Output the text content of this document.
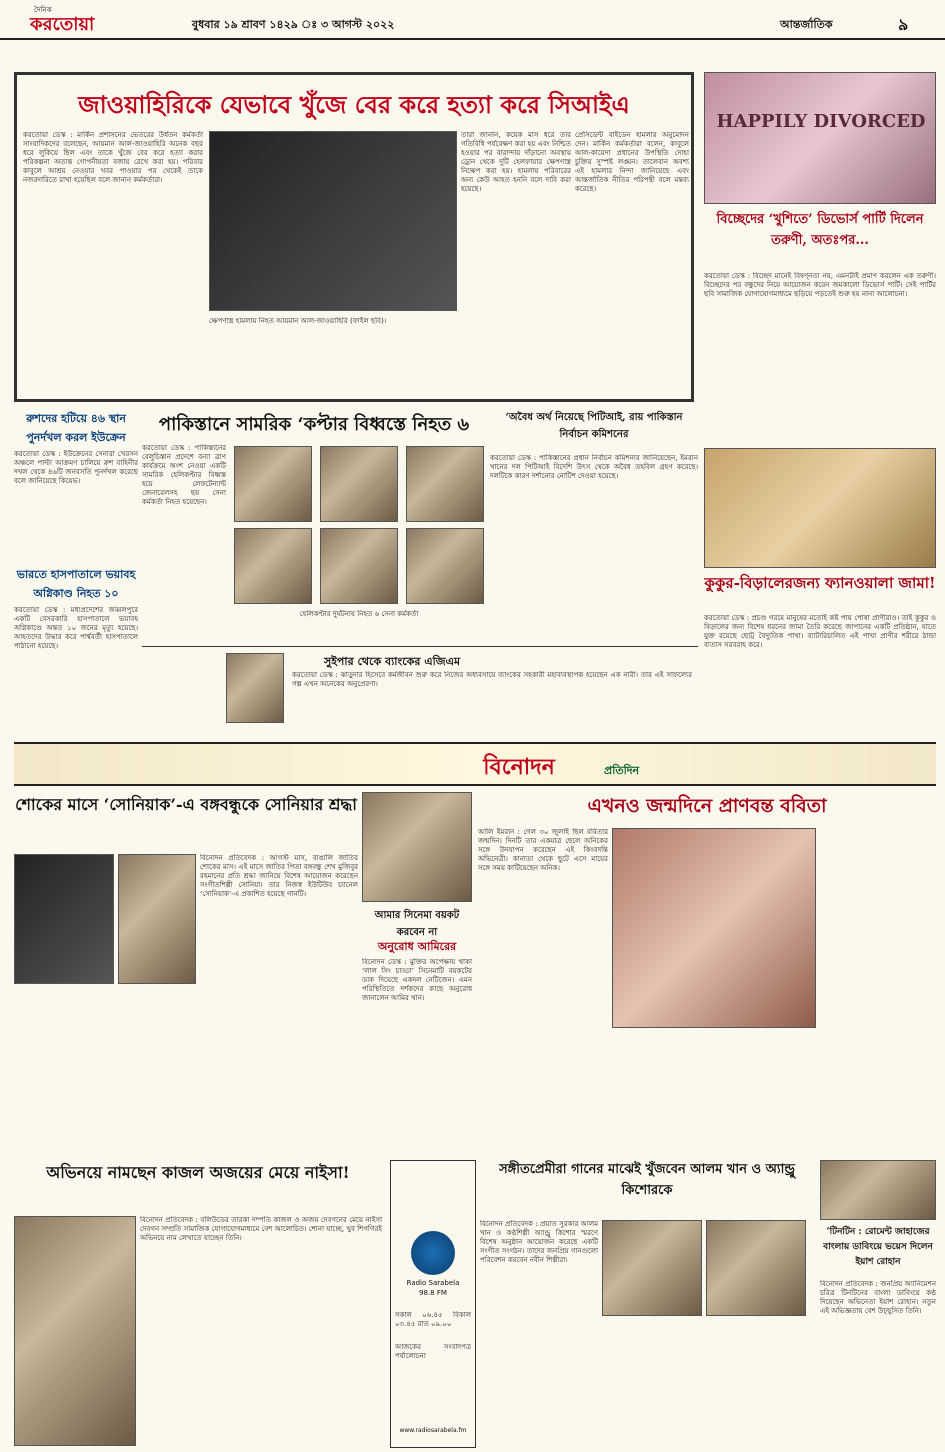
দৈনিক
করতোয়া	বুধবার ১৯ শ্রাবণ ১৪২৯ ঃ ৩ আগস্ট ২০২২	আন্তর্জাতিক	৯
জাওয়াহিরিকে যেভাবে খুঁজে বের করে হত্যা করে সিআইএ
করতোয়া ডেস্ক : মার্কিন প্রশাসনের ভেতরের উর্ধতন কর্মকর্তা সাংবাদিকদের বলেছেন, আয়মান আল-জাওয়াহিরি অনেক বছর ধরে লুকিয়ে ছিল এবং তাকে খুঁজে বের করে হত্যা করার পরিকল্পনা অত্যন্ত গোপনীয়তা বজায় রেখে করা হয়। পরিবার কাবুলে আশ্রয় নেওয়ার খবর পাওয়ার পর থেকেই তাকে নজরদারিতে রাখা হয়েছিল বলে জানান কর্মকর্তারা।
ক্ষেপণাস্ত্র হামলায় নিহত আয়মান আল-জাওয়াহিরি (ফাইল ছবি)।
তারা জানান, কয়েক মাস ধরে তার গতিবিধি পর্যবেক্ষণ করা হয় এবং নিশ্চিত হওয়ার পর বারান্দায় দাঁড়ানো অবস্থায় ড্রোন থেকে দুটি হেলফায়ার ক্ষেপণাস্ত্র নিক্ষেপ করা হয়। হামলায় পরিবারের অন্য কেউ আহত হননি বলে দাবি করা হয়েছে।
প্রেসিডেন্ট বাইডেন হামলার অনুমোদন দেন। মার্কিন কর্মকর্তারা বলেন, কাবুলে আল-কায়েদা প্রধানের উপস্থিতি দোহা চুক্তির সুস্পষ্ট লঙ্ঘন। তালেবান অবশ্য এই হামলার নিন্দা জানিয়েছে এবং আন্তর্জাতিক নীতির পরিপন্থী বলে মন্তব্য করেছে।
HAPPILY DIVORCED
বিচ্ছেদের ‘খুশিতে’ ডিভোর্স পার্টি দিলেন তরুণী, অতঃপর...
করতোয়া ডেস্ক : বিচ্ছেদ মানেই বিষণ্নতা নয়, এমনটাই প্রমাণ করলেন এক তরুণী। বিচ্ছেদের পর বন্ধুদের নিয়ে আয়োজন করেন জমকালো ডিভোর্স পার্টি। সেই পার্টির ছবি সামাজিক যোগাযোগমাধ্যমে ছড়িয়ে পড়তেই শুরু হয় নানা আলোচনা।
রুশদের হটিয়ে ৪৬ স্থান পুনর্দখল করল ইউক্রেন
করতোয়া ডেস্ক : ইউক্রেনের সেনারা খেরসন অঞ্চলে পাল্টা আক্রমণ চালিয়ে রুশ বাহিনীর দখল থেকে ৪৬টি জনবসতি পুনর্দখল করেছে বলে জানিয়েছে কিয়েভ।
ভারতে হাসপাতালে ভয়াবহ অগ্নিকাণ্ড নিহত ১০
করতোয়া ডেস্ক : মধ্যপ্রদেশের জব্বলপুরে একটি বেসরকারি হাসপাতালে ভয়াবহ অগ্নিকাণ্ডে অন্তত ১০ জনের মৃত্যু হয়েছে। আহতদের উদ্ধার করে পার্শ্ববর্তী হাসপাতালে পাঠানো হয়েছে।
পাকিস্তানে সামরিক ‘কপ্টার বিধ্বস্তে নিহত ৬
করতোয়া ডেস্ক : পাকিস্তানের বেলুচিস্তান প্রদেশে বন্যা ত্রাণ কার্যক্রমে অংশ নেওয়া একটি সামরিক হেলিকপ্টার বিধ্বস্ত হয়ে লেফটেন্যান্ট জেনারেলসহ ছয় সেনা কর্মকর্তা নিহত হয়েছেন।
হেলিকপ্টার দুর্ঘটনায় নিহত ৬ সেনা কর্মকর্তা
‘অবৈধ অর্থ নিয়েছে পিটিআই, রায় পাকিস্তান নির্বাচন কমিশনের
করতোয়া ডেস্ক : পাকিস্তানের প্রধান নির্বাচন কমিশনার জানিয়েছেন, ইমরান খানের দল পিটিআই বিদেশি উৎস থেকে অবৈধ তহবিল গ্রহণ করেছে। দলটিকে কারণ দর্শানোর নোটিশ দেওয়া হয়েছে।
সুইপার থেকে ব্যাংকের এজিএম
করতোয়া ডেস্ক : ঝাড়ুদার হিসেবে কর্মজীবন শুরু করে নিজের অধ্যবসায়ে ব্যাংকের সহকারী মহাব্যবস্থাপক হয়েছেন এক নারী। তার এই সাফল্যের গল্প এখন অনেকের অনুপ্রেরণা।
কুকুর-বিড়ালেরজন্য ফ্যানওয়ালা জামা!
করতোয়া ডেস্ক : প্রচণ্ড গরমে মানুষের মতোই কষ্ট পায় পোষা প্রাণীরাও। তাই কুকুর ও বিড়ালের জন্য বিশেষ ধরনের জামা তৈরি করেছে জাপানের একটি প্রতিষ্ঠান, যাতে যুক্ত রয়েছে ছোট্ট বৈদ্যুতিক পাখা। ব্যাটারিচালিত এই পাখা প্রাণীর শরীরে ঠান্ডা বাতাস সরবরাহ করে।
বিনোদন	প্রতিদিন
শোকের মাসে ‘সোনিয়াক’-এ বঙ্গবন্ধুকে সোনিয়ার শ্রদ্ধা
বিনোদন প্রতিবেদক : আগস্ট মাস, বাঙালি জাতির শোকের মাস। এই মাসে জাতির পিতা বঙ্গবন্ধু শেখ মুজিবুর রহমানের প্রতি শ্রদ্ধা জানিয়ে বিশেষ আয়োজন করেছেন সংগীতশিল্পী সোনিয়া। তার নিজস্ব ইউটিউব চ্যানেল ‘সোনিয়াক’-এ প্রকাশিত হয়েছে গানটি।
আমার সিনেমা বয়কট করবেন না
অনুরোধ আমিরের
বিনোদন ডেস্ক : মুক্তির অপেক্ষায় থাকা ‘লাল সিং চাড্ডা’ সিনেমাটি বয়কটের ডাক দিয়েছে একদল নেটিজেন। এমন পরিস্থিতিতে দর্শকদের কাছে অনুরোধ জানালেন আমির খান।
এখনও জন্মদিনে প্রাণবন্ত ববিতা
আলি ইমরান : গেল ৩০ জুলাই ছিল ববিতার জন্মদিন। দিনটি তার একমাত্র ছেলে অনিকের সঙ্গে উদযাপন করেছেন এই কিংবদন্তি অভিনেত্রী। কানাডা থেকে ছুটে এসে মায়ের সঙ্গে সময় কাটিয়েছেন অনিক।
অভিনয়ে নামছেন কাজল অজয়ের মেয়ে নাইসা!
বিনোদন প্রতিবেদক : বলিউডের তারকা দম্পতি কাজল ও অজয় দেবগনের মেয়ে নাইসা দেবগন সম্প্রতি সামাজিক যোগাযোগমাধ্যমে বেশ আলোচিত। শোনা যাচ্ছে, খুব শিগগিরই অভিনয়ে নাম লেখাতে যাচ্ছেন তিনি।
সঙ্গীতপ্রেমীরা গানের মাঝেই খুঁজবেন আলম খান ও অ্যান্ড্রু কিশোরকে
বিনোদন প্রতিবেদক : প্রয়াত সুরকার আলম খান ও কণ্ঠশিল্পী অ্যান্ড্রু কিশোর স্মরণে বিশেষ অনুষ্ঠান আয়োজন করেছে একটি সংগীত সংগঠন। তাদের জনপ্রিয় গানগুলো পরিবেশন করবেন নবীন শিল্পীরা।
Radio Sarabela
98.8 FM
সকাল ০৬.৪৫ বিকাল ০৩.৪৫ রাত ০৯.০০
আজকের সংবাদপত্র পর্যালোচনা
www.radiosarabela.fm
‘টিনটিন : রোমেন্ট জাহাজের বাংলায় ডাবিংয়ে ভয়েস দিলেন ইয়াশ রোহান
বিনোদন প্রতিবেদক : জনপ্রিয় অ্যানিমেশন চরিত্র টিনটিনের বাংলা ডাবিংয়ে কণ্ঠ দিয়েছেন অভিনেতা ইয়াশ রোহান। নতুন এই অভিজ্ঞতায় বেশ উচ্ছ্বসিত তিনি।
